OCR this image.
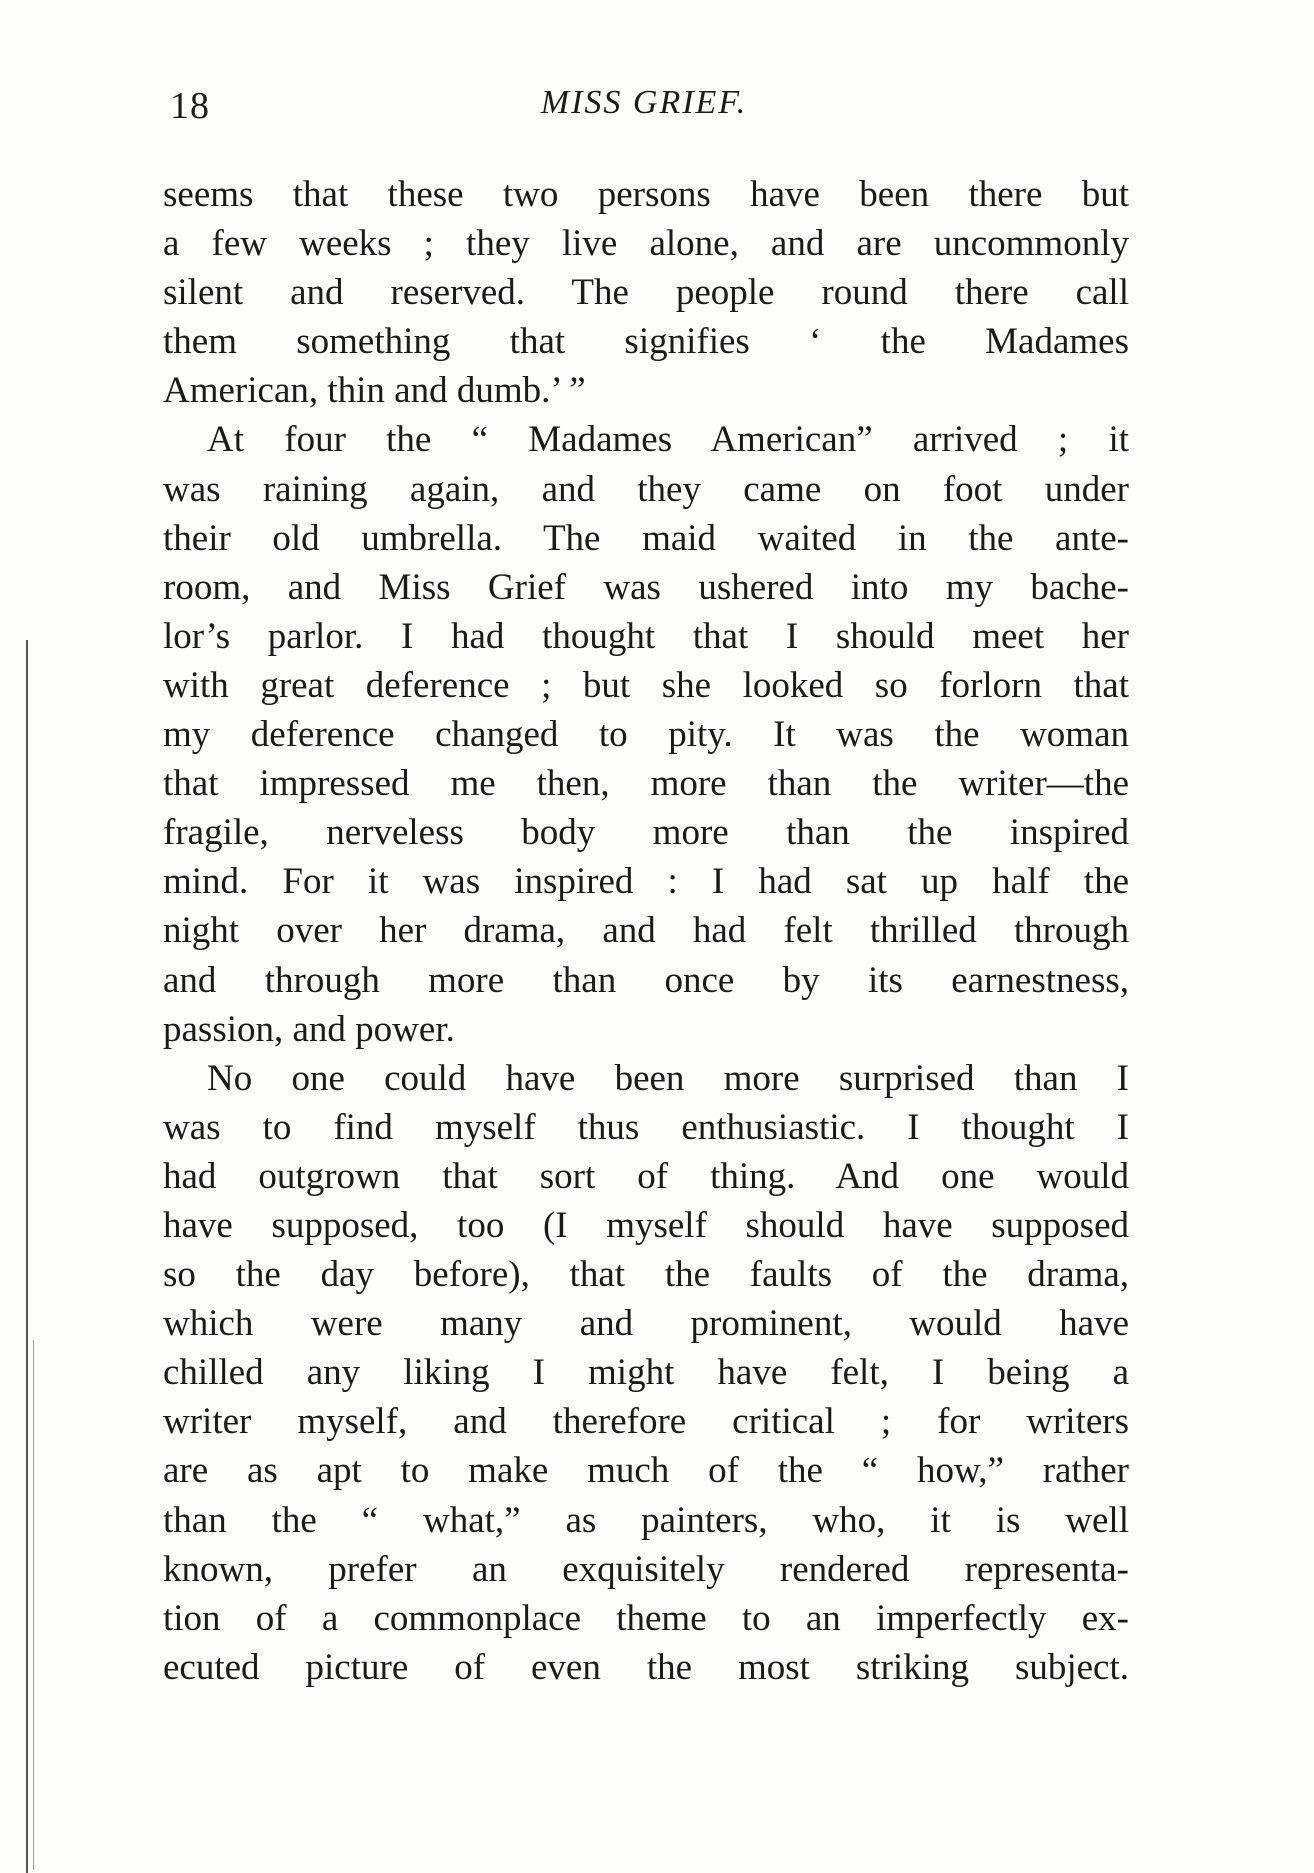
18	MISS GRIEF.
seems that these two persons have been there but
a few weeks ; they live alone, and are uncommonly
silent and reserved. The people round there call
them something that signifies ‘ the Madames
American, thin and dumb.’ ”
At four the “ Madames American” arrived ; it
was raining again, and they came on foot under
their old umbrella. The maid waited in the ante-
room, and Miss Grief was ushered into my bache-
lor’s parlor. I had thought that I should meet her
with great deference ; but she looked so forlorn that
my deference changed to pity. It was the woman
that impressed me then, more than the writer—the
fragile, nerveless body more than the inspired
mind. For it was inspired : I had sat up half the
night over her drama, and had felt thrilled through
and through more than once by its earnestness,
passion, and power.
No one could have been more surprised than I
was to find myself thus enthusiastic. I thought I
had outgrown that sort of thing. And one would
have supposed, too (I myself should have supposed
so the day before), that the faults of the drama,
which were many and prominent, would have
chilled any liking I might have felt, I being a
writer myself, and therefore critical ; for writers
are as apt to make much of the “ how,” rather
than the “ what,” as painters, who, it is well
known, prefer an exquisitely rendered representa-
tion of a commonplace theme to an imperfectly ex-
ecuted picture of even the most striking subject.
